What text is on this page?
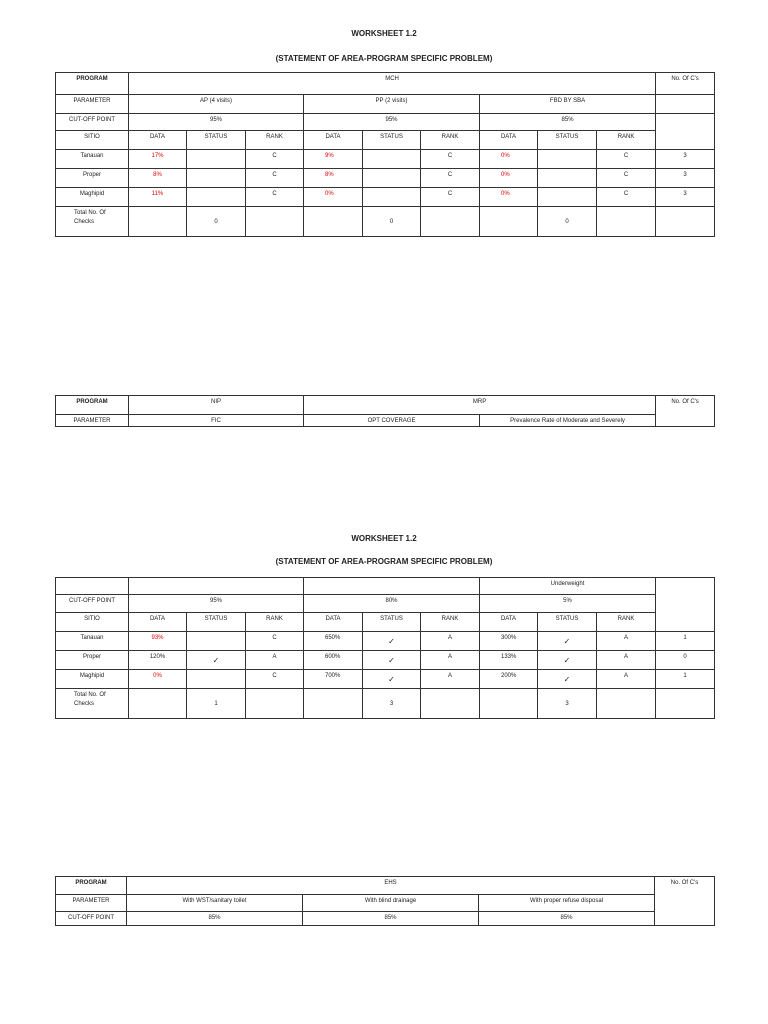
WORKSHEET 1.2
(STATEMENT OF AREA-PROGRAM SPECIFIC PROBLEM)
PROGRAM	MCH									No. Of C's
PARAMETER	AP (4 visits)			PP (2 visits)			FBD BY SBA			
CUT-OFF POINT	95%			95%			85%			
SITIO	DATA	STATUS	RANK	DATA	STATUS	RANK	DATA	STATUS	RANK	
Tanauan	17%		C	9%		C	0%		C	3
Proper	8%		C	8%		C	0%		C	3
Maghipid	11%		C	0%		C	0%		C	3
Total No. Of
Checks		0			0			0		
PROGRAM	NIP	MRP		No. Of C's
PARAMETER	FIC	OPT COVERAGE	Prevalence Rate of Moderate and Severely	
WORKSHEET 1.2
(STATEMENT OF AREA-PROGRAM SPECIFIC PROBLEM)
							Underweight			
CUT-OFF POINT	95%			80%			5%			
SITIO	DATA	STATUS	RANK	DATA	STATUS	RANK	DATA	STATUS	RANK	
Tanauan	93%		C	650%	✓	A	300%	✓	A	1
Proper	120%	✓	A	600%	✓	A	133%	✓	A	0
Maghipid	0%		C	700%	✓	A	200%	✓	A	1
Total No. Of
Checks		1			3			3		
PROGRAM	EHS			No. Of C's
PARAMETER	With WST/sanitary toilet	With blind drainage	With proper refuse disposal	
CUT-OFF POINT	85%	85%	85%	
